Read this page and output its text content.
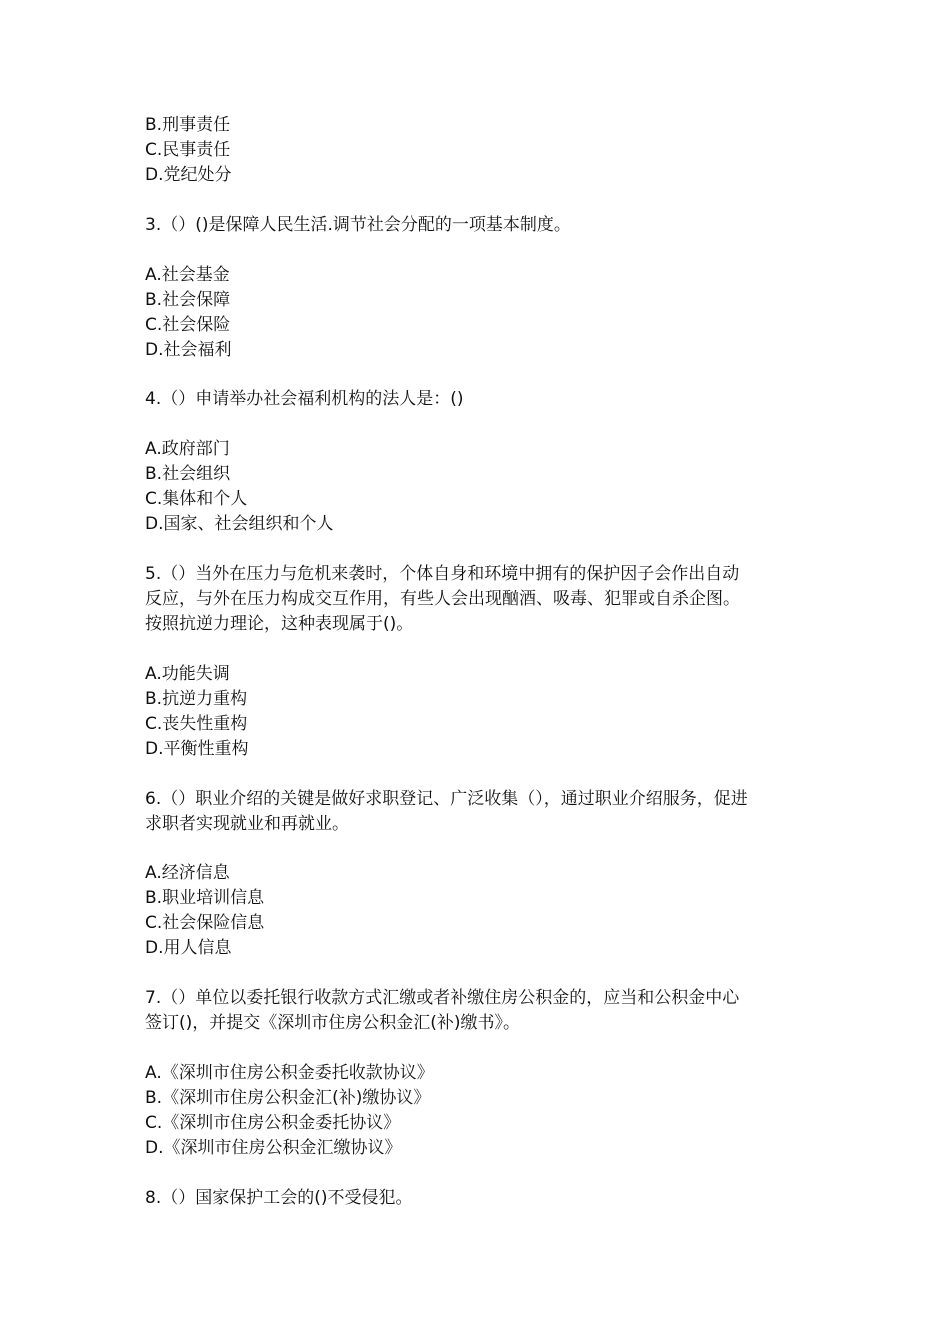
B.刑事责任
C.民事责任
D.党纪处分
3.（）()是保障人民生活.调节社会分配的一项基本制度。
A.社会基金
B.社会保障
C.社会保险
D.社会福利
4.（）申请举办社会福利机构的法人是：()
A.政府部门
B.社会组织
C.集体和个人
D.国家、社会组织和个人
5.（）当外在压力与危机来袭时，个体自身和环境中拥有的保护因子会作出自动
反应，与外在压力构成交互作用，有些人会出现酗酒、吸毒、犯罪或自杀企图。
按照抗逆力理论，这种表现属于()。
A.功能失调
B.抗逆力重构
C.丧失性重构
D.平衡性重构
6.（）职业介绍的关键是做好求职登记、广泛收集（），通过职业介绍服务，促进
求职者实现就业和再就业。
A.经济信息
B.职业培训信息
C.社会保险信息
D.用人信息
7.（）单位以委托银行收款方式汇缴或者补缴住房公积金的，应当和公积金中心
签订()，并提交《深圳市住房公积金汇(补)缴书》。
A.《深圳市住房公积金委托收款协议》
B.《深圳市住房公积金汇(补)缴协议》
C.《深圳市住房公积金委托协议》
D.《深圳市住房公积金汇缴协议》
8.（）国家保护工会的()不受侵犯。
